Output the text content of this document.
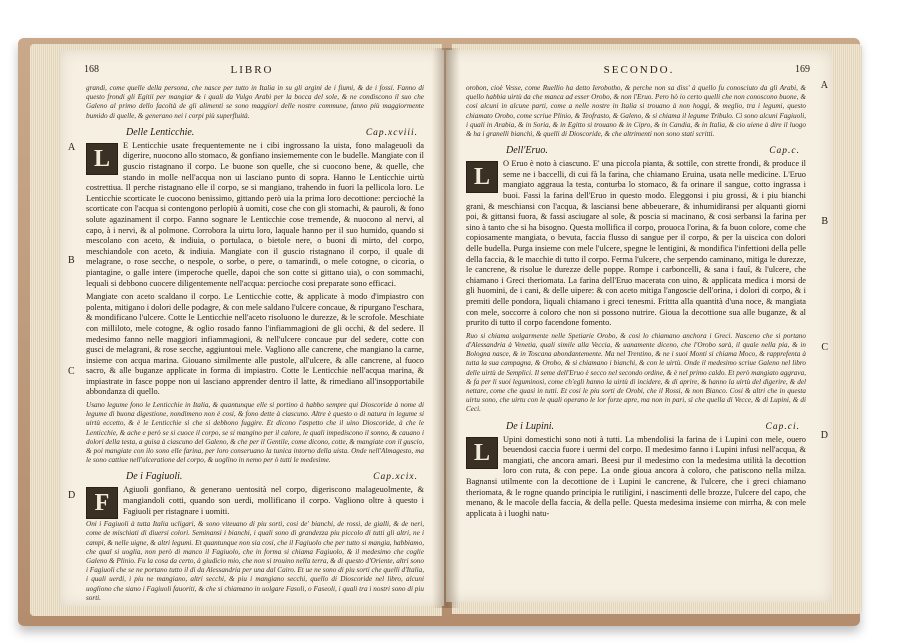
168	LIBRO

grandi, come quelle della persona, che nasce per tutto in Italia in su gli argini de i fiumi, & de i fossi. Fanno di questo frondi gli Egitii per mangiar & i quali da Vulgo Arabi per la bocca del sole, & ne condiscono il suo che Galeno al primo dello facoltà de gli alimenti se sono maggiori delle nostre commune, fanno più maggiormente bumido di quelle, & generano nei i corpi più superfluità.

Delle Lenticchie.	Cap.xcviii.

L
E Lenticchie usate frequentemente ne i cibi ingrossano la uista, fono malageuoli da digerire, nuocono allo stomaco, & gonfiano insiememente con le budelle. Mangiate con il guscio ristagnano il corpo. Le buone son quelle, che si cuocono bene, & quelle, che stando in molle nell'acqua non ui lasciano punto di sopra. Hanno le Lenticchie uirtù costrettiua. Il perche ristagnano elle il corpo, se si mangiano, trahendo in fuori la pellicola loro. Le Lenticchie scorticate le cuocono benissimo, gittando però uia la prima loro decottione: perciochè la scorticate con l'acqua si contengono perlopiù à uomiti, cose che con gli stomachi, & pauroli, & fono solute agazinament il corpo. Fanno sognare le Lenticchie cose tremende, & nuocono al nervi, al capo, à i nervi, & al polmone. Corrobora la uirtu loro, laquale hanno per il suo humido, quando si mescolano con aceto, & indiuia, o portulaca, o bietole nere, o buoni di mirto, del corpo, meschiandole con aceto, & indiuia. Mangiate con il guscio ristagnano il corpo, il quale di melagrane, o rose secche, o nespole, o sorbe, o pere, o tamarindi, o mele cotogne, o cicoria, o piantagine, o galle intere (imperoche quelle, dapoi che son cotte si gittano uia), o con sommachi, lequali si debbono cuocere diligentemente nell'acqua: percioche cosi preparate sono efficaci.

Mangiate con aceto scaldano il corpo. Le Lenticchie cotte, & applicate à modo d'impiastro con polenta, mitigano i dolori delle podagre, & con mele saldano l'ulcere concaue, & ripurgano l'eschara, & mondificano l'ulcere. Cotte le Lenticchie nell'aceto risoluono le durezze, & le scrofole. Meschiate con milliloto, mele cotogne, & oglio rosado fanno l'infiammagioni de gli occhi, & del sedere. Il medesimo fanno nelle maggiori infiammagioni, & nell'ulcere concaue pur del sedere, cotte con gusci de melagrani, & rose secche, aggiuntoui mele. Vagliono alle cancrene, che mangiano la carne, insieme con acqua marina. Giouano similmente alle pustole, all'ulcere, & alle cancrene, al fuoco sacro, & alle buganze applicate in forma di impiastro. Cotte le Lenticchie nell'acqua marina, & impiastrate in fasce poppe non ui lasciano apprender dentro il latte, & rimediano all'insopportabile abbondanza di quello.

Usano legume fono le Lenticchie in Italia, & quantunque elle si portino à habbo sempre qui Dioscoride à nome di legume di buona digestione, nondimeno non è cosi, & fono dette à ciascuno. Altre è questo o di natura in legume si uirtù eccetto, & è le Lenticchie sì che si debbono fuggire. Et dicono l'aspetto che il uino Dioscoride, à che le Lenticchie, & ache e però se si cuoce il corpo, se si mangino per il calore, le quali impediscono il sonno, & cauano i dolori della testa, a guisa à ciascuno del Galeno, & che per il Gentile, come dicono, cotte, & mangiate con il guscio, & poi mangiate con ilo sono elle farina, per loro conseruano la tunica intorno della uista. Onde nell'Almagesto, ma le sono cattiue nell'ulceratione del corpo, & uoglino in nemo per ò tutti le medesime.

De i Fagiuoli.	Cap.xcix.

F
Agiuoli gonfiano, & generano uentosità nel corpo, digeriscono malageuolmente, & mangiandoli cotti, quando son uerdi, mollificano il corpo. Vagliono oltre à questo i Fagiuoli per ristagnare i uomiti.

Oni i Fagiuoli à tutta Italia ucligari, & sono viteuano di piu sorti, cosi de' bianchi, de rossi, de gialli, & de neri, come de mischiati di diuersi colori. Seminansi i bianchi, i quali sono di grandezza piu piccolo di tutti gli altri, ne i campi, & nelle uigne, & altri legumi. Et quantunque non sia cosi, che il Fagiuolo che per tutto si mangia, habbiamo, che qual si uoglia, non però di manco il Fagiuolo, che in forma si chiama Fagiuolo, & il medesimo che coglie Galeno & Plinio. Fu la cosa da certo, à giudicio mio, che non si trouino nella terra, & di questo d'Oriente, altri sono i Fagiuoli che se ne portano tutto il di da Alessandria per una dal Cairo. Et ue ne sono di piu sorti che quelli d'Italia, i quali uerdi, i piu ne mangiano, altri secchi, & piu i mangiano secchi, quello di Dioscoride nel libro, alcuni uogliono che siano i Fagiuoli fauoriti, & che si chiamano in uolgare Fasoli, o Faseoli, i quali tra i nostri sono di piu sorti.

A
B
C
D
SECONDO.	169

orobon, cioè Vesse, come Ruellio ha detto Ierobotho, & perche non sa diss' à quello fu conosciuto da gli Arabi, & quello habbia uirtù da che manca ad esser Orobo, & non l'Eruo. Pero hò io certo quelli che non conoscono buone, & cosi alcuni in alcune parti, come a nelle nostre in Italia si trouano à non hoggi, & meglio, tra i legumi, questo chiamato Orobo, come scriue Plinio, & Teofrasto, & Galeno, & si chiama il legume Tribulo. Ci sono alcuni Fagiuoli, i quali in Arabia, & in Soria, & in Egitto si trouano & in Cipro, & in Candia, & in Italia, & cio uiene à dire il luogo & ha i granelli bianchi, & quelli di Dioscoride, & che altrimenti non sono stati scritti.

Dell'Eruo.	Cap.c.

L
O Eruo è noto à ciascuno. E' una piccola pianta, & sottile, con strette frondi, & produce il seme ne i baccelli, di cui fà la farina, che chiamano Eruina, usata nelle medicine. L'Eruo mangiato aggraua la testa, conturba lo stomaco, & fa orinare il sangue, cotto ingrassa i buoi. Fassi la farina dell'Eruo in questo modo. Eleggonsi i piu grossi, & i piu bianchi grani, & meschiansi con l'acqua, & lasciansi bene abbeuerare, & inhumidiransi per alquanti giorni poi, & gittansi fuora, & fassi asciugare al sole, & poscia si macinano, & cosi serbansi la farina per sino à tanto che si ha bisogno. Questa mollifica il corpo, prouoca l'orina, & fa buon colore, come che copiosamente mangiata, o bevuta, faccia flusso di sangue per il corpo, & per la uiscica con dolori delle budella. Purga insieme con mele l'ulcere, spegne le lentigini, & mondifica l'infettioni della pelle della faccia, & le macchie di tutto il corpo. Ferma l'ulcere, che serpendo caminano, mitiga le durezze, le cancrene, & risolue le durezze delle poppe. Rompe i carboncelli, & sana i fauî, & l'ulcere, che chiamano i Greci theriomata. La farina dell'Eruo macerata con uino, & applicata medica i morsi de gli huomini, de i cani, & delle uipere: & con aceto mitiga l'angoscie dell'orina, i dolori di corpo, & i premiti delle pondora, liquali chiamano i greci tenesmi. Frittta alla quantità d'una noce, & mangiata con mele, soccorre à coloro che non si possono nutrire. Gioua la decottione sua alle buganze, & al prurito di tutto il corpo facendone fomento.

Ruo si chiama uolgarmente nelle Spetiarie Orobo, & cosi lo chiamano anchora i Greci. Nasceno che si portano d'Alessandria à Venetia, quali simile alla Veccia, & uanamente diceno, che l'Orobo sarà, il quale nella pia, & in Bologna nasce, & in Toscana abondantemente. Ma nel Trentino, & ne i suoi Monti si chiama Moco, & rapprefenta à tutta la sua campagna, & Orobo, & si chiamano i bianchi, & con le uirtù. Onde il medesimo scriue Galeno nel libro delle uirtù de Semplici. Il seme dell'Eruo è secco nel secondo ordine, & è nel primo caldo. Et però mangiato aggrava, & fa per li suoi leguminosi, come ch'egli hanno la uirtù di incidere, & di aprire, & hanno la uirtù del digerire, & del nettare, come che quasi in tutti. Et cosi le piu sorti de Orobi, che il Rossi, & non Bianco. Cosi & altri che in questa uirtu sono, che uirtu con le quali operano le lor forze apre, ma non in pari, sì che quella di Vecce, & di Lupini, & di Ceci.

De i Lupini.	Cap.ci.

L
Upini domestichi sono noti à tutti. La mbendolisi la farina de i Lupini con mele, ouero beuendosi caccia fuore i uermi del corpo. Il medesimo fanno i Lupini infusi nell'acqua, & mangiati, che ancora amari. Beesi pur il medesimo con la medesima utilità la decottion loro con ruta, & con pepe. La onde gioua ancora à coloro, che patiscono nella milza. Bagnansi utilmente con la decottione de i Lupini le cancrene, & l'ulcere, che i greci chiamano theriomata, & le rogne quando principia le rutiligini, i nascimenti delle brozze, l'ulcere del capo, che menano, & le macole della faccia, & della pelle. Questa medesima insieme con mirrha, & con mele applicata à i luoghi natu-

A
B
C
D
